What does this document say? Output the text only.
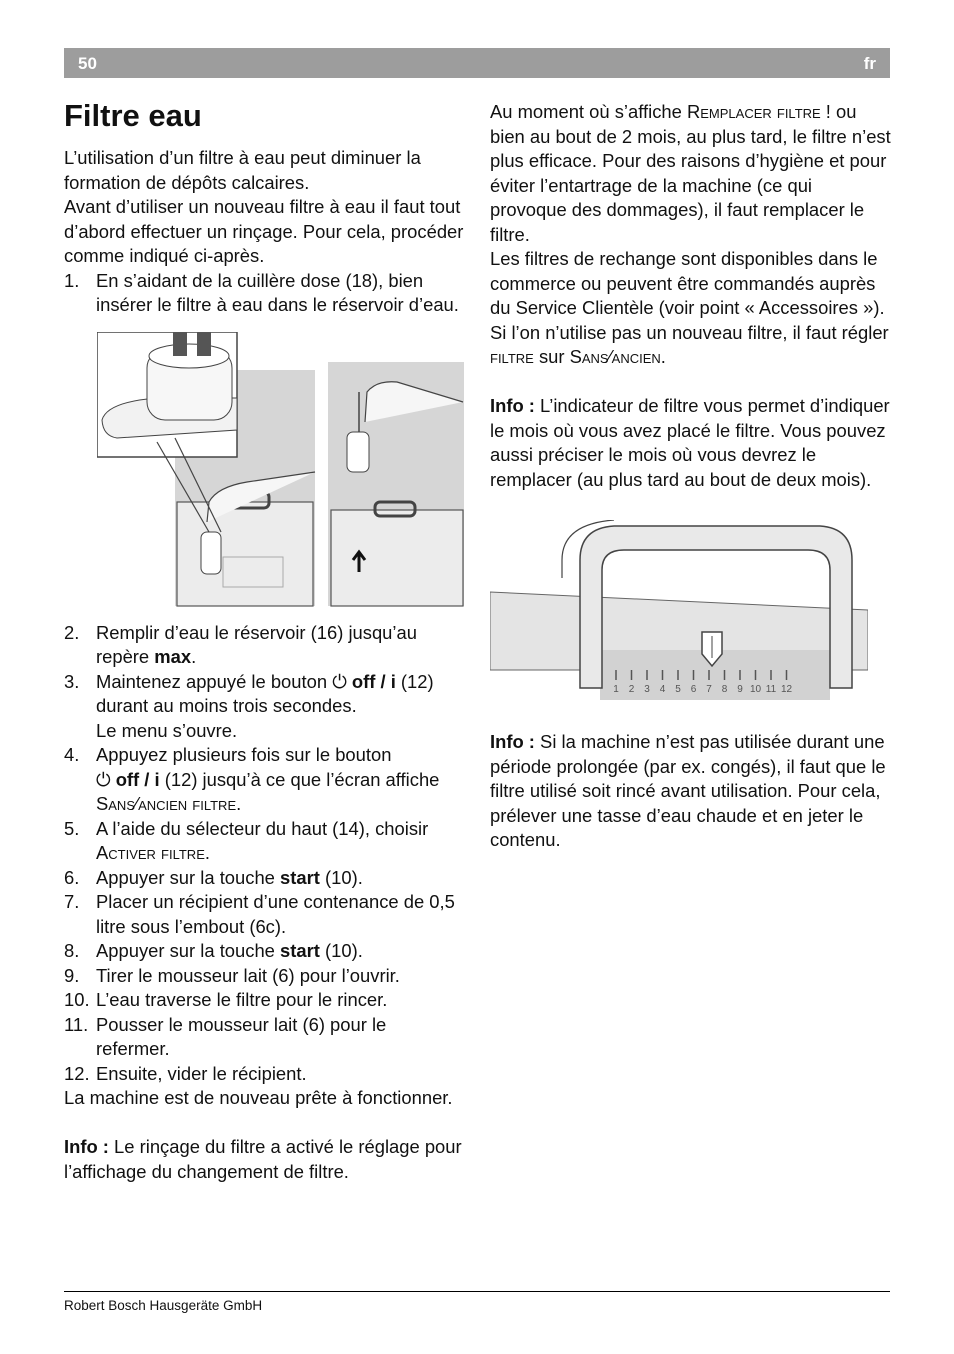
50	fr
Filtre eau

L’utilisation d’un filtre à eau peut diminuer la formation de dépôts calcaires.

Avant d’utiliser un nouveau filtre à eau il faut tout d’abord effectuer un rinçage. Pour cela, procéder comme indiqué ci-après.

1. En s’aidant de la cuillère dose (18), bien insérer le filtre à eau dans le réservoir d’eau.
2. Remplir d’eau le réservoir (16) jusqu’au repère max.
3. Maintenez appuyé le bouton ⏻ off / i (12) durant au moins trois secondes.
Le menu s’ouvre.
4. Appuyez plusieurs fois sur le bouton
⏻ off / i (12) jusqu’à ce que l’écran affiche Sans⁄ancien filtre.
5. A l’aide du sélecteur du haut (14), choisir Activer filtre.
6. Appuyer sur la touche start (10).
7. Placer un récipient d’une contenance de 0,5 litre sous l’embout (6c).
8. Appuyer sur la touche start (10).
9. Tirer le mousseur lait (6) pour l’ouvrir.
10. L’eau traverse le filtre pour le rincer.
11. Pousser le mousseur lait (6) pour le refermer.
12. Ensuite, vider le récipient.

La machine est de nouveau prête à fonctionner.

Info : Le rinçage du filtre a activé le réglage pour l’affichage du changement de filtre.

Au moment où s’affiche Remplacer filtre ! ou bien au bout de 2 mois, au plus tard, le filtre n’est plus efficace. Pour des raisons d’hygiène et pour éviter l’entartrage de la machine (ce qui provoque des dommages), il faut remplacer le filtre.

Les filtres de rechange sont disponibles dans le commerce ou peuvent être commandés auprès du Service Clientèle (voir point « Accessoires »). Si l’on n’utilise pas un nouveau filtre, il faut régler filtre sur Sans⁄ancien.

Info : L’indicateur de filtre vous permet d’indiquer le mois où vous avez placé le filtre. Vous pouvez aussi préciser le mois où vous devrez le remplacer (au plus tard au bout de deux mois).

1 2 3 4 5 6 7 8 9 10 11 12

Info : Si la machine n’est pas utilisée durant une période prolongée (par ex. congés), il faut que le filtre utilisé soit rincé avant utilisation. Pour cela, prélever une tasse d’eau chaude et en jeter le contenu.

Robert Bosch Hausgeräte GmbH
